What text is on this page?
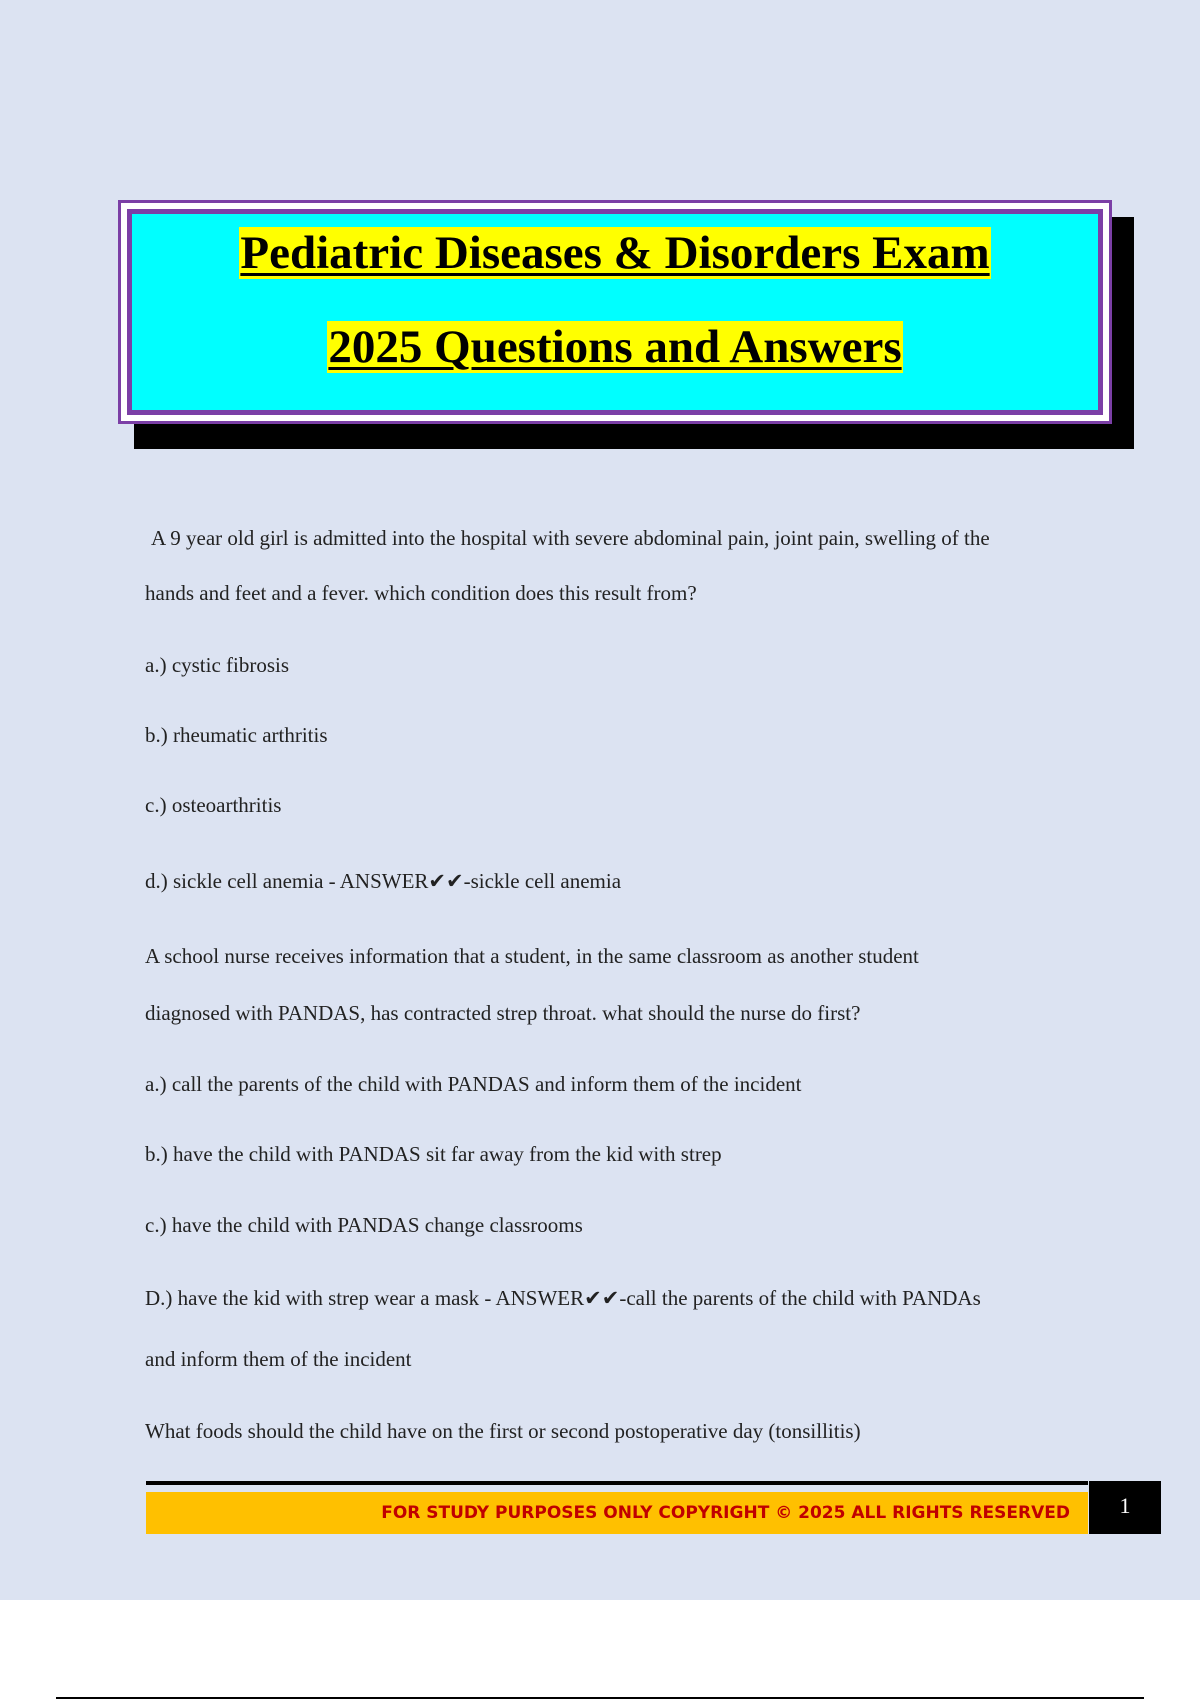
Pediatric Diseases & Disorders Exam
2025 Questions and Answers
A 9 year old girl is admitted into the hospital with severe abdominal pain, joint pain, swelling of the
hands and feet and a fever. which condition does this result from?
a.) cystic fibrosis
b.) rheumatic arthritis
c.) osteoarthritis
d.) sickle cell anemia - ANSWER✔✔-sickle cell anemia
A school nurse receives information that a student, in the same classroom as another student
diagnosed with PANDAS, has contracted strep throat. what should the nurse do first?
a.) call the parents of the child with PANDAS and inform them of the incident
b.) have the child with PANDAS sit far away from the kid with strep
c.) have the child with PANDAS change classrooms
D.) have the kid with strep wear a mask - ANSWER✔✔-call the parents of the child with PANDAs
and inform them of the incident
What foods should the child have on the first or second postoperative day (tonsillitis)
FOR STUDY PURPOSES ONLY COPYRIGHT © 2025 ALL RIGHTS RESERVED	1
